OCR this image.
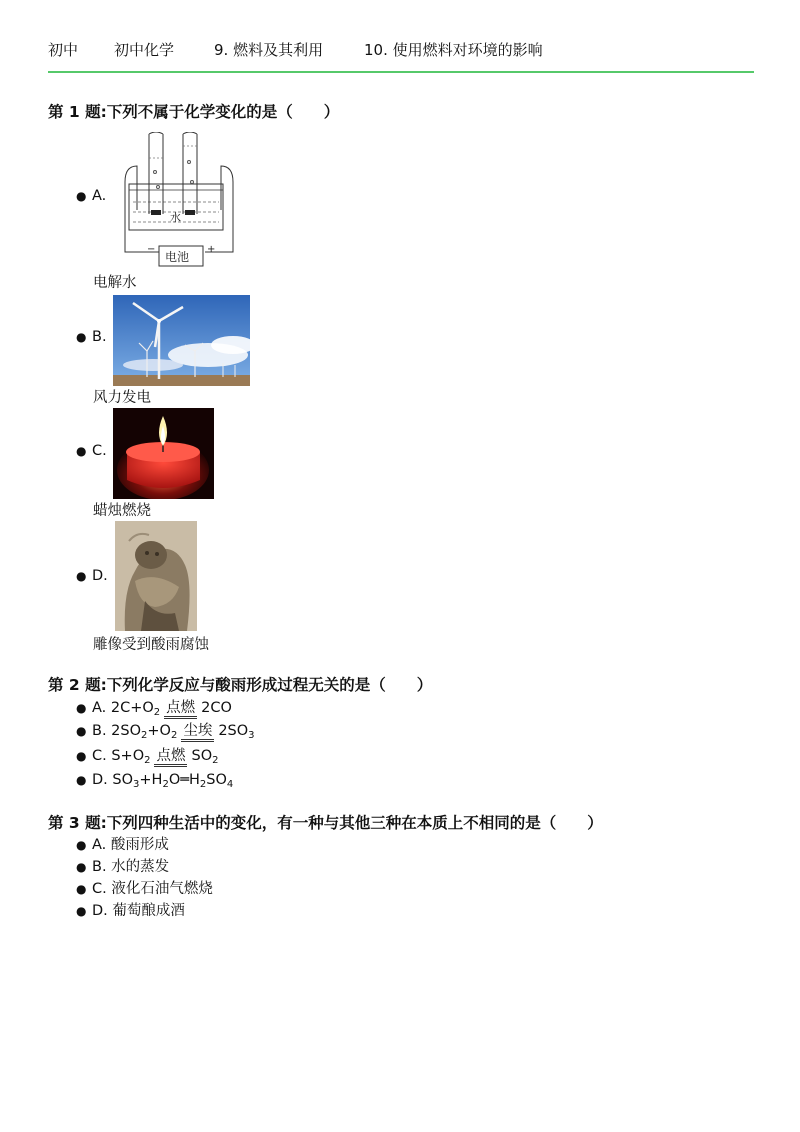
初中	初中化学	9. 燃料及其利用	10. 使用燃料对环境的影响
第 1 题:下列不属于化学变化的是（　　）
● A.
水
电池
−	+
电解水
● B.
风力发电
● C.
蜡烛燃烧
● D.
雕像受到酸雨腐蚀
第 2 题:下列化学反应与酸雨形成过程无关的是（　　）
● A. $2C+O_2$ 点燃 2CO
● B. $2SO_2+O_2$ 尘埃 $2SO_3$
● C. $S+O_2$ 点燃 $SO_2$
● D. $SO_3+H_2O═H_2SO_4$
第 3 题:下列四种生活中的变化，有一种与其他三种在本质上不相同的是（　　）
● A. 酸雨形成
● B. 水的蒸发
● C. 液化石油气燃烧
● D. 葡萄酿成酒
